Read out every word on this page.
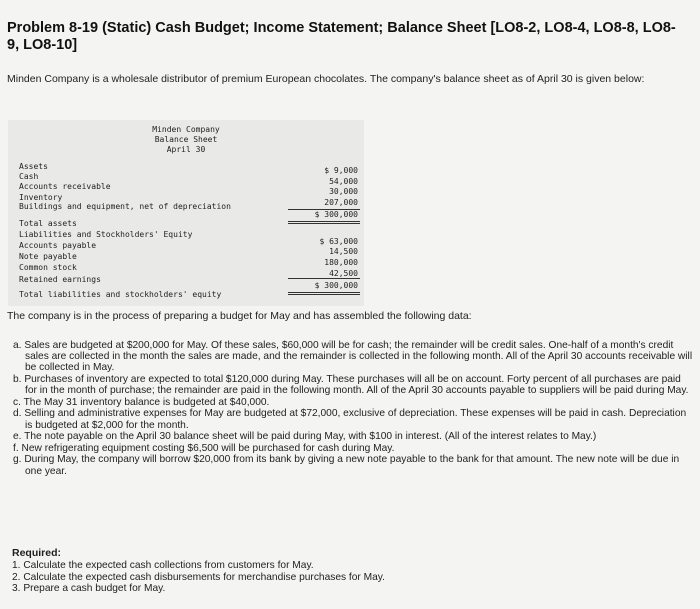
Problem 8-19 (Static) Cash Budget; Income Statement; Balance Sheet [LO8-2, LO8-4, LO8-8, LO8-9, LO8-10]
Minden Company is a wholesale distributor of premium European chocolates. The company's balance sheet as of April 30 is given below:
Minden Company
Balance Sheet
April 30
Assets
Cash
$ 9,000
Accounts receivable
54,000
Inventory
30,000
Buildings and equipment, net of depreciation	207,000
Total assets
$ 300,000
Liabilities and Stockholders' Equity
Accounts payable	$ 63,000
Note payable
14,500
Common stock
180,000
Retained earnings
42,500
Total liabilities and stockholders' equity
$ 300,000
The company is in the process of preparing a budget for May and has assembled the following data:
a. Sales are budgeted at $200,000 for May. Of these sales, $60,000 will be for cash; the remainder will be credit sales. One-half of a month's credit sales are collected in the month the sales are made, and the remainder is collected in the following month. All of the April 30 accounts receivable will be collected in May.
b. Purchases of inventory are expected to total $120,000 during May. These purchases will all be on account. Forty percent of all purchases are paid for in the month of purchase; the remainder are paid in the following month. All of the April 30 accounts payable to suppliers will be paid during May.
c. The May 31 inventory balance is budgeted at $40,000.
d. Selling and administrative expenses for May are budgeted at $72,000, exclusive of depreciation. These expenses will be paid in cash. Depreciation is budgeted at $2,000 for the month.
e. The note payable on the April 30 balance sheet will be paid during May, with $100 in interest. (All of the interest relates to May.)
f. New refrigerating equipment costing $6,500 will be purchased for cash during May.
g. During May, the company will borrow $20,000 from its bank by giving a new note payable to the bank for that amount. The new note will be due in one year.
Required:
1. Calculate the expected cash collections from customers for May.
2. Calculate the expected cash disbursements for merchandise purchases for May.
3. Prepare a cash budget for May.
